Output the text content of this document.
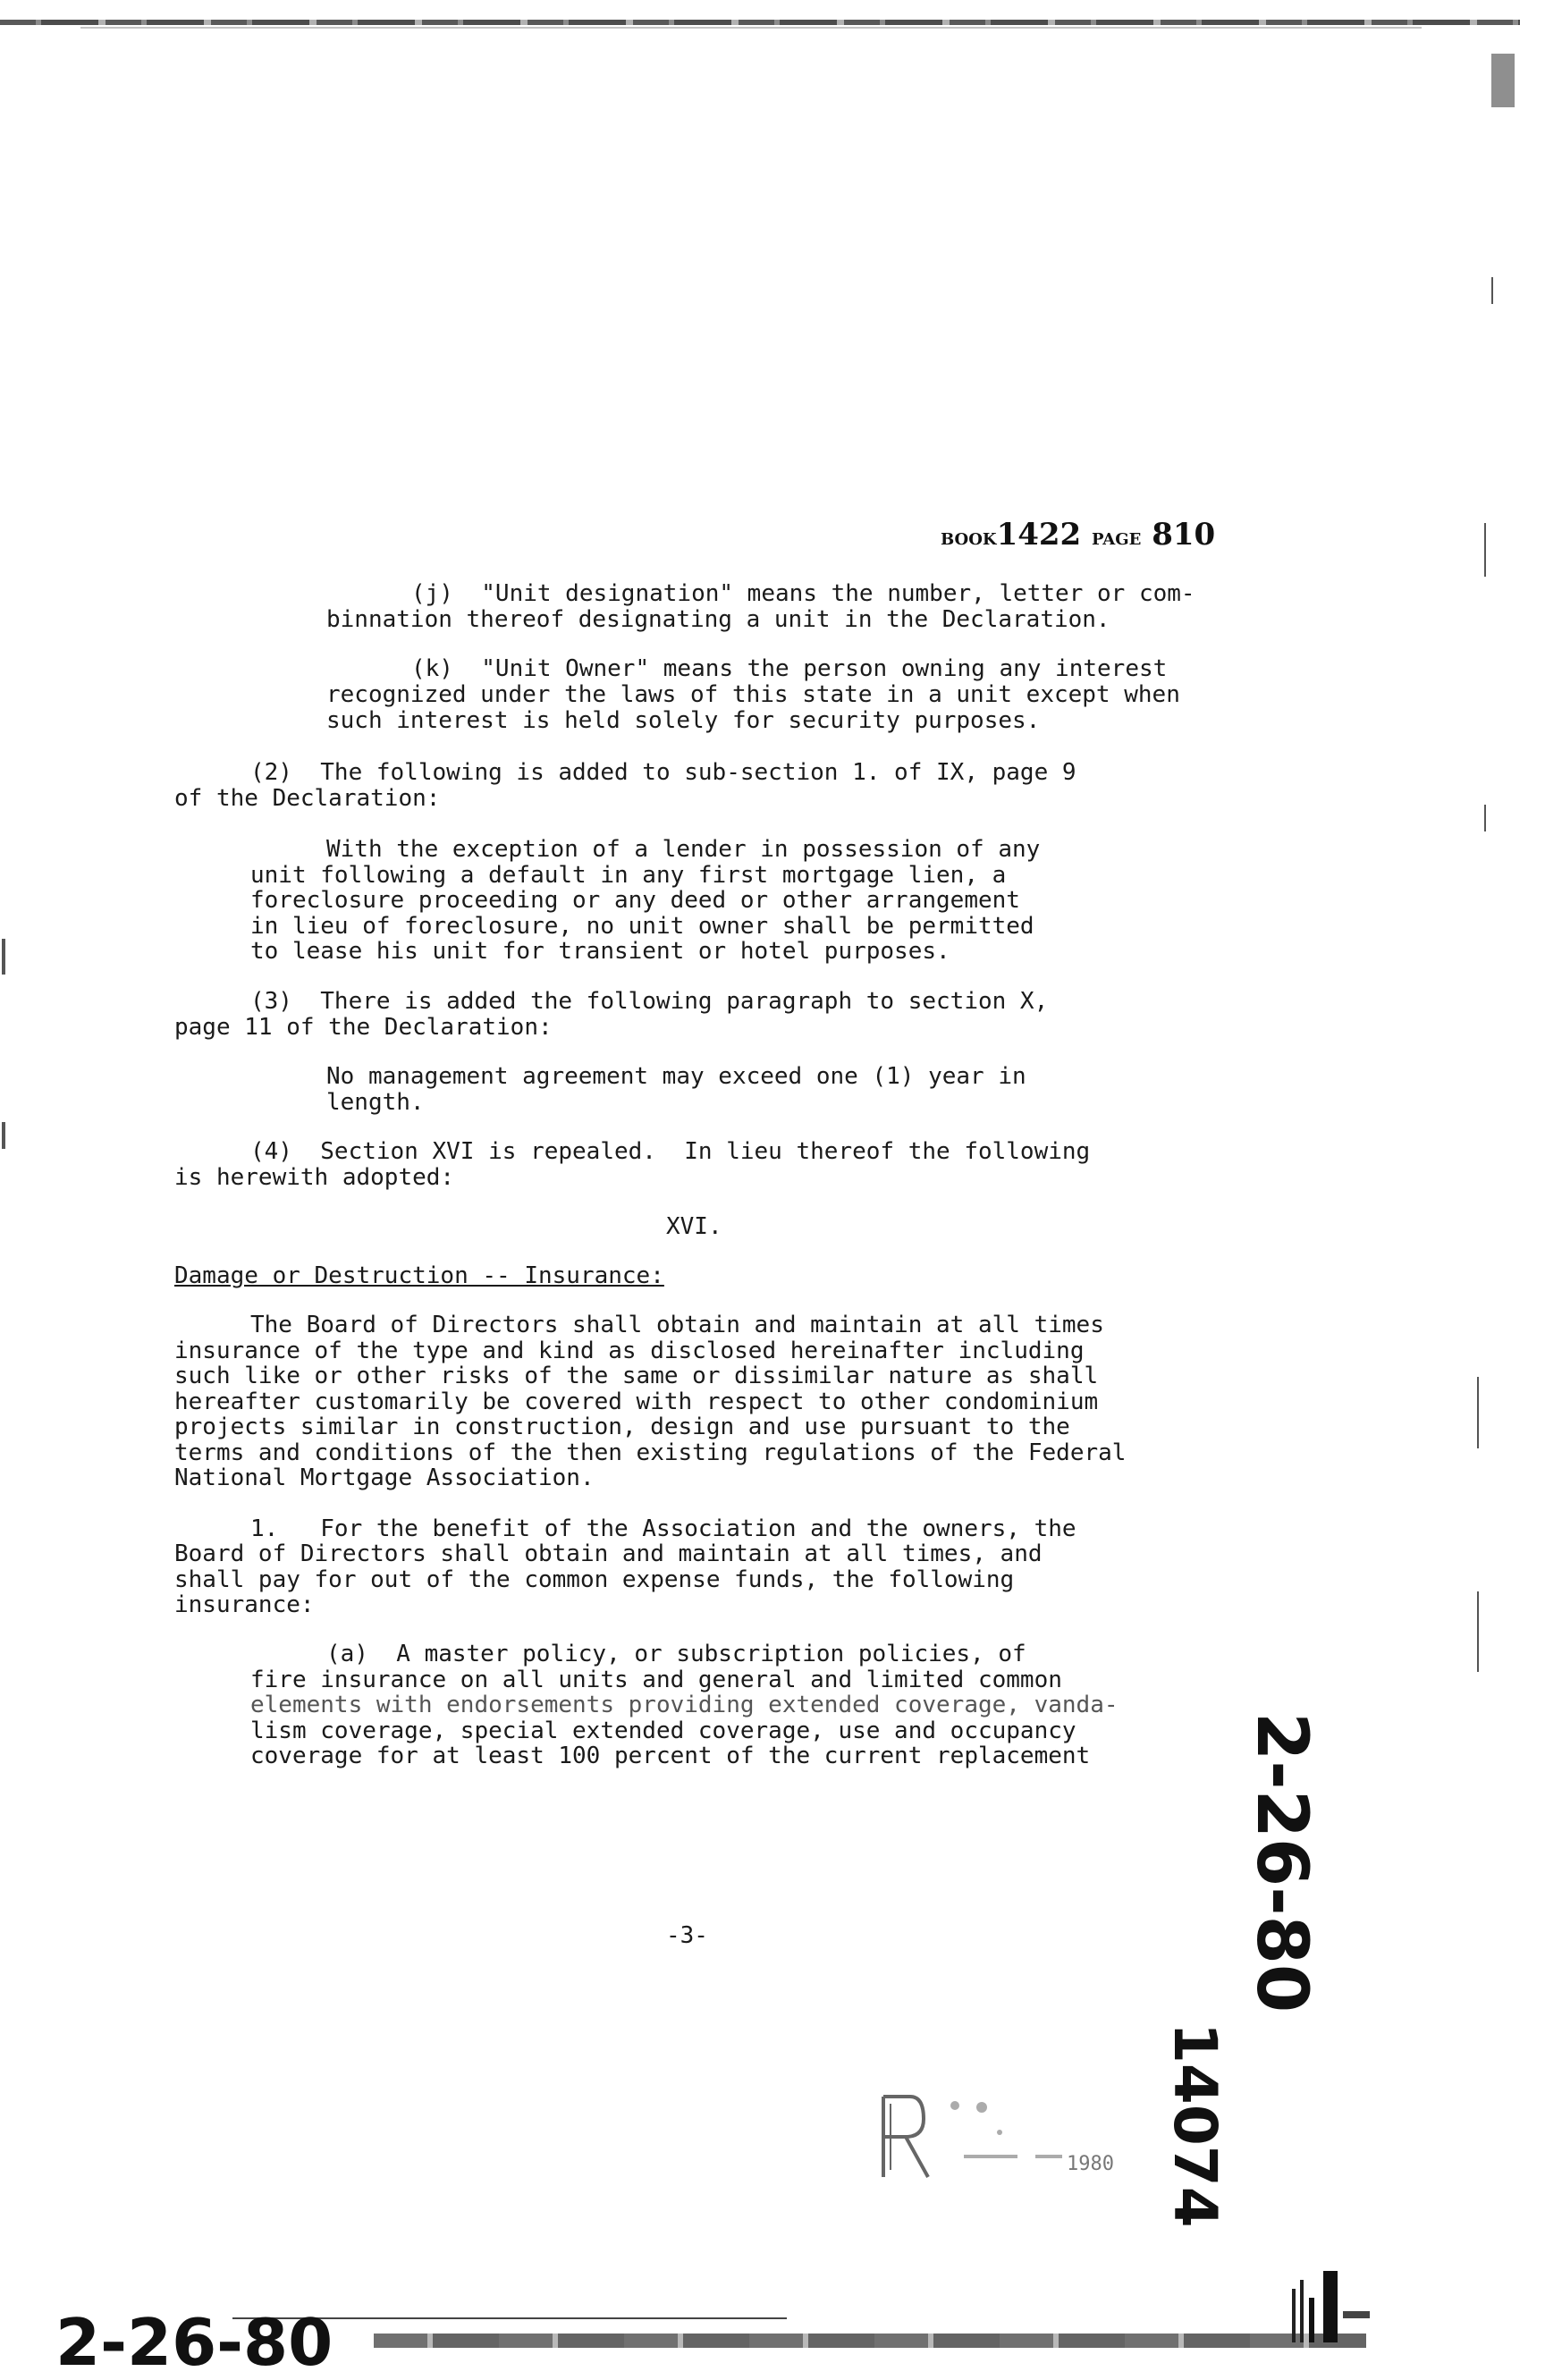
BOOK1422 PAGE 810
(j)  "Unit designation" means the number, letter or com-
binnation thereof designating a unit in the Declaration.
(k)  "Unit Owner" means the person owning any interest
recognized under the laws of this state in a unit except when
such interest is held solely for security purposes.
(2)  The following is added to sub-section 1. of IX, page 9
of the Declaration:
With the exception of a lender in possession of any
unit following a default in any first mortgage lien, a
foreclosure proceeding or any deed or other arrangement
in lieu of foreclosure, no unit owner shall be permitted
to lease his unit for transient or hotel purposes.
(3)  There is added the following paragraph to section X,
page 11 of the Declaration:
No management agreement may exceed one (1) year in
length.
(4)  Section XVI is repealed.  In lieu thereof the following
is herewith adopted:
XVI.
Damage or Destruction -- Insurance:
The Board of Directors shall obtain and maintain at all times
insurance of the type and kind as disclosed hereinafter including
such like or other risks of the same or dissimilar nature as shall
hereafter customarily be covered with respect to other condominium
projects similar in construction, design and use pursuant to the
terms and conditions of the then existing regulations of the Federal
National Mortgage Association.
1.   For the benefit of the Association and the owners, the
Board of Directors shall obtain and maintain at all times, and
shall pay for out of the common expense funds, the following
insurance:
(a)  A master policy, or subscription policies, of
fire insurance on all units and general and limited common
elements with endorsements providing extended coverage, vanda-
lism coverage, special extended coverage, use and occupancy
coverage for at least 100 percent of the current replacement
-3-	2-26-80
14074
1980
2-26-80
